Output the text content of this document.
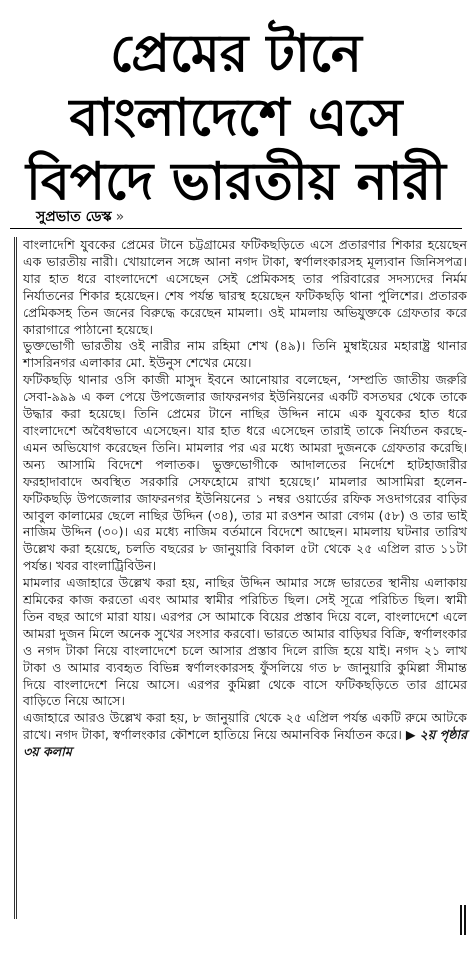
প্রেমের টানে
বাংলাদেশে এসে
বিপদে ভারতীয় নারী
সুপ্রভাত ডেস্ক »

বাংলাদেশি যুবকের প্রেমের টানে চট্টগ্রামের ফটিকছড়িতে এসে প্রতারণার শিকার হয়েছেন এক ভারতীয় নারী। খোয়ালেন সঙ্গে আনা নগদ টাকা, স্বর্ণালংকারসহ মূল্যবান জিনিসপত্র। যার হাত ধরে বাংলাদেশে এসেছেন সেই প্রেমিকসহ তার পরিবারের সদস্যদের নির্মম নির্যাতনের শিকার হয়েছেন। শেষ পর্যন্ত দ্বারস্থ হয়েছেন ফটিকছড়ি থানা পুলিশের। প্রতারক প্রেমিকসহ তিন জনের বিরুদ্ধে করেছেন মামলা। ওই মামলায় অভিযুক্তকে গ্রেফতার করে কারাগারে পাঠানো হয়েছে।

ভুক্তভোগী ভারতীয় ওই নারীর নাম রহিমা শেখ (৪৯)। তিনি মুম্বাইয়ের মহারাষ্ট্র থানার শাসরিনগর এলাকার মো. ইউনুস শেখের মেয়ে।

ফটিকছড়ি থানার ওসি কাজী মাসুদ ইবনে আনোয়ার বলেছেন, ‘সম্প্রতি জাতীয় জরুরি সেবা-৯৯৯ এ কল পেয়ে উপজেলার জাফরনগর ইউনিয়নের একটি বসতঘর থেকে তাকে উদ্ধার করা হয়েছে। তিনি প্রেমের টানে নাছির উদ্দিন নামে এক যুবকের হাত ধরে বাংলাদেশে অবৈধভাবে এসেছেন। যার হাত ধরে এসেছেন তারাই তাকে নির্যাতন করছে- এমন অভিযোগ করেছেন তিনি। মামলার পর এর মধ্যে আমরা দুজনকে গ্রেফতার করেছি। অন্য আসামি বিদেশে পলাতক। ভুক্তভোগীকে আদালতের নির্দেশে হাটহাজারীর ফরহাদাবাদে অবস্থিত সরকারি সেফহোমে রাখা হয়েছে।’ মামলার আসামিরা হলেন- ফটিকছড়ি উপজেলার জাফরনগর ইউনিয়নের ১ নম্বর ওয়ার্ডের রফিক সওদাগরের বাড়ির আবুল কালামের ছেলে নাছির উদ্দিন (৩৪), তার মা রওশন আরা বেগম (৫৮) ও তার ভাই নাজিম উদ্দিন (৩০)। এর মধ্যে নাজিম বর্তমানে বিদেশে আছেন। মামলায় ঘটনার তারিখ উল্লেখ করা হয়েছে, চলতি বছরের ৮ জানুয়ারি বিকাল ৫টা থেকে ২৫ এপ্রিল রাত ১১টা পর্যন্ত। খবর বাংলাট্রিবিউন।

মামলার এজাহারে উল্লেখ করা হয়, নাছির উদ্দিন আমার সঙ্গে ভারতের স্থানীয় এলাকায় শ্রমিকের কাজ করতো এবং আমার স্বামীর পরিচিত ছিল। সেই সূত্রে পরিচিত ছিল। স্বামী তিন বছর আগে মারা যায়। এরপর সে আমাকে বিয়ের প্রস্তাব দিয়ে বলে, বাংলাদেশে এলে আমরা দুজন মিলে অনেক সুখের সংসার করবো। ভারতে আমার বাড়িঘর বিক্রি, স্বর্ণালংকার ও নগদ টাকা নিয়ে বাংলাদেশে চলে আসার প্রস্তাব দিলে রাজি হয়ে যাই। নগদ ২১ লাখ টাকা ও আমার ব্যবহৃত বিভিন্ন স্বর্ণালংকারসহ ফুঁসলিয়ে গত ৮ জানুয়ারি কুমিল্লা সীমান্ত দিয়ে বাংলাদেশে নিয়ে আসে। এরপর কুমিল্লা থেকে বাসে ফটিকছড়িতে তার গ্রামের বাড়িতে নিয়ে আসে।

এজাহারে আরও উল্লেখ করা হয়, ৮ জানুয়ারি থেকে ২৫ এপ্রিল পর্যন্ত একটি রুমে আটকে রাখে। নগদ টাকা, স্বর্ণালংকার কৌশলে হাতিয়ে নিয়ে অমানবিক নির্যাতন করে। ▶ ২য় পৃষ্ঠার ৩য় কলাম
